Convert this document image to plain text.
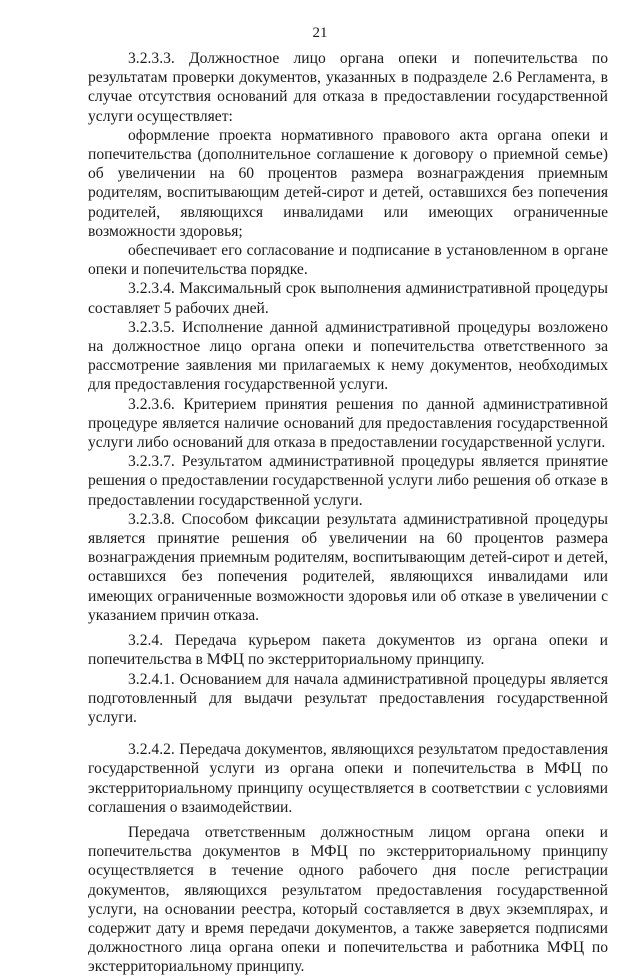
21

3.2.3.3. Должностное лицо органа опеки и попечительства по результатам проверки документов, указанных в подразделе 2.6 Регламента, в случае отсутствия оснований для отказа в предоставлении государственной услуги осуществляет:

оформление проекта нормативного правового акта органа опеки и попечительства (дополнительное соглашение к договору о приемной семье) об увеличении на 60 процентов размера вознаграждения приемным родителям, воспитывающим детей-сирот и детей, оставшихся без попечения родителей, являющихся инвалидами или имеющих ограниченные возможности здоровья;

обеспечивает его согласование и подписание в установленном в органе опеки и попечительства порядке.

3.2.3.4. Максимальный срок выполнения административной процедуры составляет 5 рабочих дней.

3.2.3.5. Исполнение данной административной процедуры возложено на должностное лицо органа опеки и попечительства ответственного за рассмотрение заявления ми прилагаемых к нему документов, необходимых для предоставления государственной услуги.

3.2.3.6. Критерием принятия решения по данной административной процедуре является наличие оснований для предоставления государственной услуги либо оснований для отказа в предоставлении государственной услуги.

3.2.3.7. Результатом административной процедуры является принятие решения о предоставлении государственной услуги либо решения об отказе в предоставлении государственной услуги.

3.2.3.8. Способом фиксации результата административной процедуры является принятие решения об увеличении на 60 процентов размера вознаграждения приемным родителям, воспитывающим детей-сирот и детей, оставшихся без попечения родителей, являющихся инвалидами или имеющих ограниченные возможности здоровья или об отказе в увеличении с указанием причин отказа.

3.2.4. Передача курьером пакета документов из органа опеки и попечительства в МФЦ по экстерриториальному принципу.

3.2.4.1. Основанием для начала административной процедуры является подготовленный для выдачи результат предоставления государственной услуги.

3.2.4.2. Передача документов, являющихся результатом предоставления государственной услуги из органа опеки и попечительства в МФЦ по экстерриториальному принципу осуществляется в соответствии с условиями соглашения о взаимодействии.

Передача ответственным должностным лицом органа опеки и попечительства документов в МФЦ по экстерриториальному принципу осуществляется в течение одного рабочего дня после регистрации документов, являющихся результатом предоставления государственной услуги, на основании реестра, который составляется в двух экземплярах, и содержит дату и время передачи документов, а также заверяется подписями должностного лица органа опеки и попечительства и работника МФЦ по экстерриториальному принципу.
